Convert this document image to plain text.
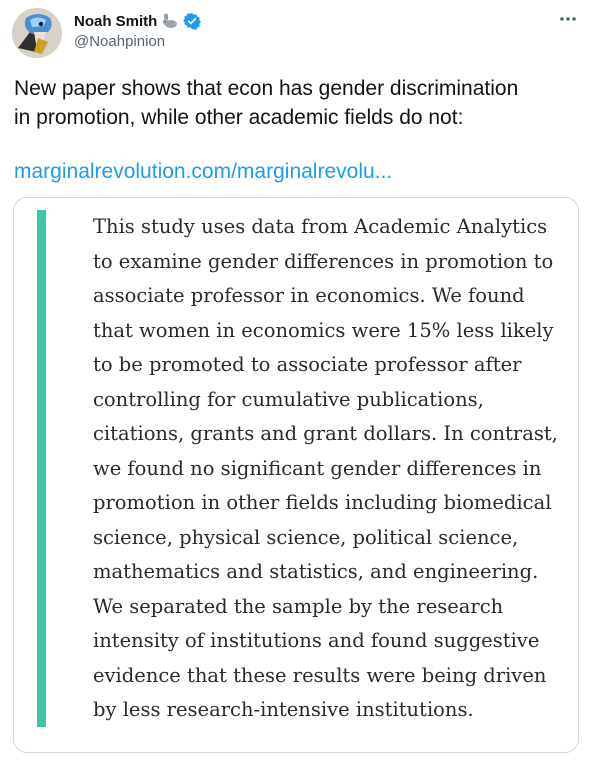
Noah Smith
@Noahpinion
New paper shows that econ has gender discrimination
in promotion, while other academic fields do not:
marginalrevolution.com/marginalrevolu...
This study uses data from Academic Analytics
to examine gender differences in promotion to
associate professor in economics. We found
that women in economics were 15% less likely
to be promoted to associate professor after
controlling for cumulative publications,
citations, grants and grant dollars. In contrast,
we found no significant gender differences in
promotion in other fields including biomedical
science, physical science, political science,
mathematics and statistics, and engineering.
We separated the sample by the research
intensity of institutions and found suggestive
evidence that these results were being driven
by less research-intensive institutions.
